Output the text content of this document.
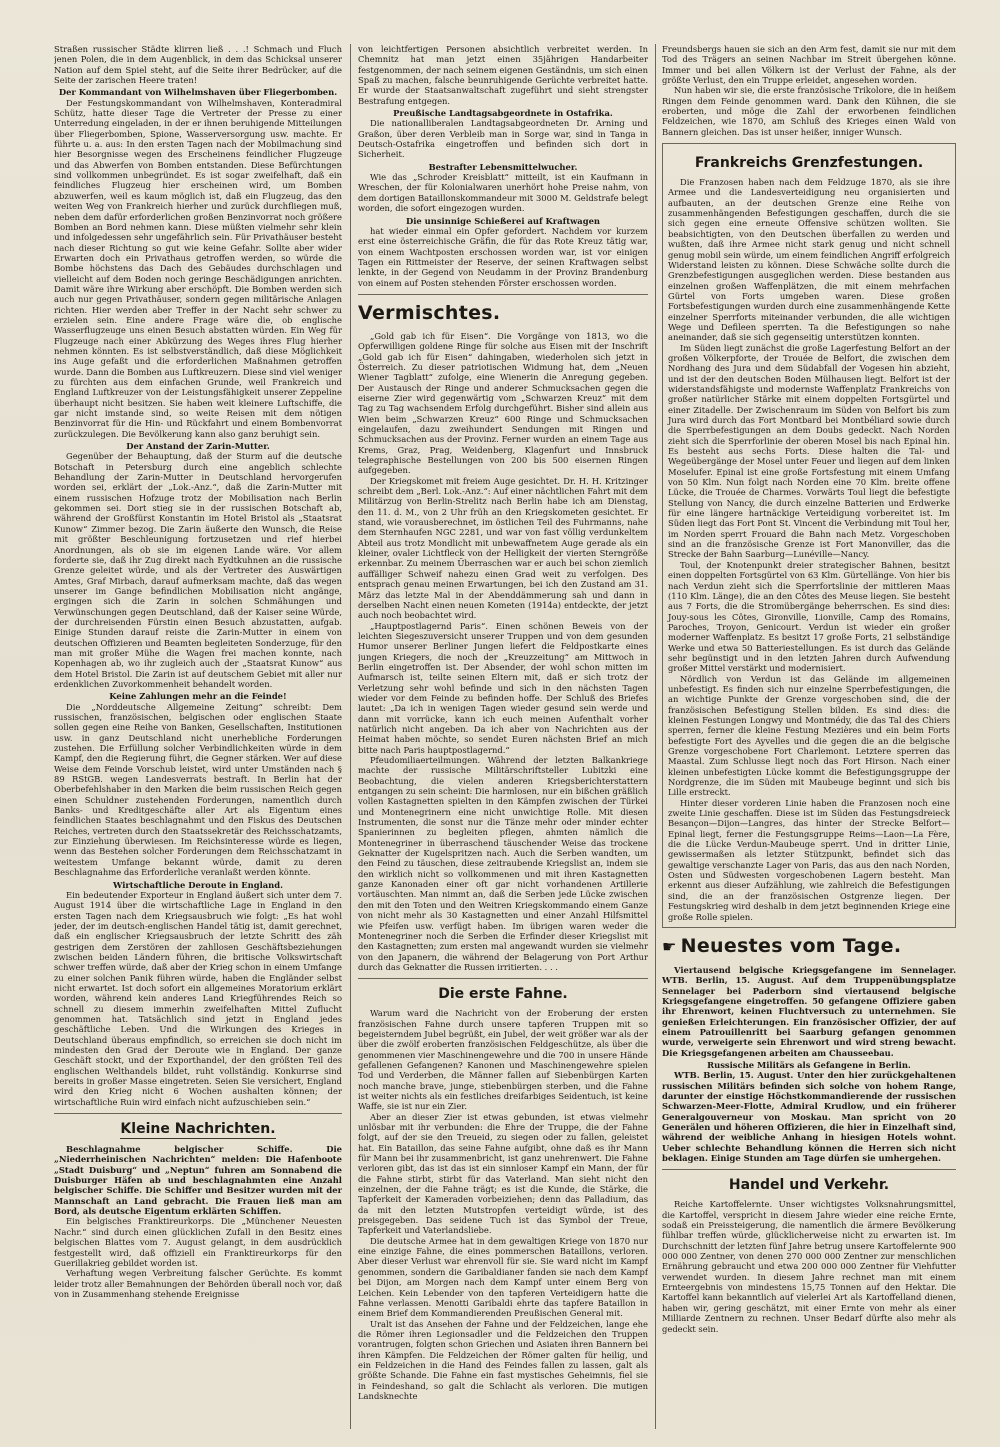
Straßen russischer Städte klirren ließ . . .! Schmach und Fluch jenen Polen, die in dem Augenblick, in dem das Schicksal unserer Nation auf dem Spiel steht, auf die Seite ihrer Bedrücker, auf die Seite der zarischen Heere traten!

Der Kommandant von Wilhelmshaven über Fliegerbomben.

Der Festungskommandant von Wilhelmshaven, Konteradmiral Schütz, hatte dieser Tage die Vertreter der Presse zu einer Unterredung eingeladen, in der er ihnen beruhigende Mitteilungen über Fliegerbomben, Spione, Wasserversorgung usw. machte. Er führte u. a. aus: In den ersten Tagen nach der Mobilmachung sind hier Besorgnisse wegen des Erscheinens feindlicher Flugzeuge und das Abwerfen von Bomben entstanden. Diese Befürchtungen sind vollkommen unbegründet. Es ist sogar zweifelhaft, daß ein feindliches Flugzeug hier erscheinen wird, um Bomben abzuwerfen, weil es kaum möglich ist, daß ein Flugzeug, das den weiten Weg von Frankreich hierher und zurück durchfliegen muß, neben dem dafür erforderlichen großen Benzinvorrat noch größere Bomben an Bord nehmen kann. Diese müßten vielmehr sehr klein und infolgedessen sehr ungefährlich sein. Für Privathäuser besteht nach dieser Richtung so gut wie keine Gefahr. Sollte aber wider Erwarten doch ein Privathaus getroffen werden, so würde die Bombe höchstens das Dach des Gebäudes durchschlagen und vielleicht auf dem Boden noch geringe Beschädigungen anrichten. Damit wäre ihre Wirkung aber erschöpft. Die Bomben werden sich auch nur gegen Privathäuser, sondern gegen militärische Anlagen richten. Hier werden aber Treffer in der Nacht sehr schwer zu erzielen sein. Eine andere Frage wäre die, ob englische Wasserflugzeuge uns einen Besuch abstatten würden. Ein Weg für Flugzeuge nach einer Abkürzung des Weges ihres Flug hierher nehmen könnten. Es ist selbstverständlich, daß diese Möglichkeit ins Auge gefaßt und die erforderlichen Maßnahmen getroffen wurde. Dann die Bomben aus Luftkreuzern. Diese sind viel weniger zu fürchten aus dem einfachen Grunde, weil Frankreich und England Luftkreuzer von der Leistungsfähigkeit unserer Zeppeline überhaupt nicht besitzen. Sie haben weit kleinere Luftschiffe, die gar nicht imstande sind, so weite Reisen mit dem nötigen Benzinvorrat für die Hin- und Rückfahrt und einem Bombenvorrat zurückzulegen. Die Bevölkerung kann also ganz beruhigt sein.

Der Anstand der Zarin-Mutter.

Gegenüber der Behauptung, daß der Sturm auf die deutsche Botschaft in Petersburg durch eine angeblich schlechte Behandlung der Zarin-Mutter in Deutschland hervorgerufen worden sei, erklärt der „Lok.-Anz.“, daß die Zarin-Mutter mit einem russischen Hofzuge trotz der Mobilisation nach Berlin gekommen sei. Dort stieg sie in der russischen Botschaft ab, während der Großfürst Konstantin im Hotel Bristol als „Staatsrat Kunow“ Zimmer bezog. Die Zarin äußerte den Wunsch, die Reise mit größter Beschleunigung fortzusetzen und rief hierbei Anordnungen, als ob sie im eigenen Lande wäre. Vor allem forderte sie, daß ihr Zug direkt nach Eydtkuhnen an die russische Grenze geleitet würde, und als der Vertreter des Auswärtigen Amtes, Graf Mirbach, darauf aufmerksam machte, daß das wegen unserer im Gange befindlichen Mobilisation nicht angänge, ergingen sich die Zarin in solchen Schmähungen und Verwünschungen gegen Deutschland, daß der Kaiser seine Würde, der durchreisenden Fürstin einen Besuch abzustatten, aufgab. Einige Stunden darauf reiste die Zarin-Mutter in einem von deutschen Offizieren und Beamten begleiteten Sonderzuge, für den man mit großer Mühe die Wagen frei machen konnte, nach Kopenhagen ab, wo ihr zugleich auch der „Staatsrat Kunow“ aus dem Hotel Bristol. Die Zarin ist auf deutschem Gebiet mit aller nur erdenklichen Zuvorkommenheit behandelt worden.

Keine Zahlungen mehr an die Feinde!

Die „Norddeutsche Allgemeine Zeitung“ schreibt: Dem russischen, französischen, belgischen oder englischen Staate sollen gegen eine Reihe von Banken, Gesellschaften, Institutionen usw. in ganz Deutschland nicht unerhebliche Forderungen zustehen. Die Erfüllung solcher Verbindlichkeiten würde in dem Kampf, den die Regierung führt, die Gegner stärken. Wer auf diese Weise dem Feinde Vorschub leistet, wird unter Umständen nach § 89 RStGB. wegen Landesverrats bestraft. In Berlin hat der Oberbefehlshaber in den Marken die beim russischen Reich gegen einen Schuldner zustehenden Forderungen, namentlich durch Banks- und Kreditgeschäfte aller Art als Eigentum eines feindlichen Staates beschlagnahmt und den Fiskus des Deutschen Reiches, vertreten durch den Staatssekretär des Reichsschatzamts, zur Einziehung überwiesen. Im Reichsinteresse würde es liegen, wenn das Bestehen solcher Forderungen dem Reichsschatzamt in weitestem Umfange bekannt würde, damit zu deren Beschlagnahme das Erforderliche veranlaßt werden könnte.

Wirtschaftliche Deroute in England.

Ein bedeutender Exporteur in England äußert sich unter dem 7. August 1914 über die wirtschaftliche Lage in England in den ersten Tagen nach dem Kriegsausbruch wie folgt: „Es hat wohl jeder, der im deutsch-englischen Handel tätig ist, damit gerechnet, daß ein englischer Kriegsausbruch der letzte Schritt des zäh gestrigen dem Zerstören der zahllosen Geschäftsbeziehungen zwischen beiden Ländern führen, die britische Volkswirtschaft schwer treffen würde, daß aber der Krieg schon in einem Umfange zu einer solchen Panik führen würde, haben die Engländer selbst nicht erwartet. Ist doch sofort ein allgemeines Moratorium erklärt worden, während kein anderes Land Kriegführendes Reich so schnell zu diesem immerhin zweifelhaften Mittel Zuflucht genommen hat. Tatsächlich sind jetzt in England jedes geschäftliche Leben. Und die Wirkungen des Krieges in Deutschland überaus empfindlich, so erreichen sie doch nicht im mindesten den Grad der Deroute wie in England. Der ganze Geschäft stockt, und der Exporthandel, der den größten Teil des englischen Welthandels bildet, ruht vollständig. Konkurrse sind bereits in großer Masse eingetreten. Seien Sie versichert, England wird den Krieg nicht 6 Wochen aushalten können; der wirtschaftliche Ruin wird einfach nicht aufzuschieben sein.“

Kleine Nachrichten.

Beschlagnahme belgischer Schiffe. Die „Niederrheinischen Nachrichten“ melden: Die Hafenboote „Stadt Duisburg“ und „Neptun“ fuhren am Sonnabend die Duisburger Häfen ab und beschlagnahmten eine Anzahl belgischer Schiffe. Die Schiffer und Besitzer wurden mit der Mannschaft an Land gebracht. Die Frauen ließ man am Bord, als deutsche Eigentum erklärten Schiffen.

Ein belgisches Franktireurkorps. Die „Münchener Neuesten Nachr.“ sind durch einen glücklichen Zufall in den Besitz eines belgischen Blattes vom 7. August gelangt, in dem ausdrücklich festgestellt wird, daß offiziell ein Franktireurkorps für den Guerillakrieg gebildet worden ist.

Verhaftung wegen Verbreitung falscher Gerüchte. Es kommt leider trotz aller Bemahnungen der Behörden überall noch vor, daß von in Zusammenhang stehende Ereignisse

von leichtfertigen Personen absichtlich verbreitet werden. In Chemnitz hat man jetzt einen 35jährigen Handarbeiter festgenommen, der nach seinem eigenen Geständnis, um sich einen Spaß zu machen, falsche beunruhigende Gerüchte verbreitet hatte. Er wurde der Staatsanwaltschaft zugeführt und sieht strengster Bestrafung entgegen.

Preußische Landtagsabgeordnete in Ostafrika.

Die nationalliberalen Landtagsabgeordneten Dr. Arning und Graßon, über deren Verbleib man in Sorge war, sind in Tanga in Deutsch-Ostafrika eingetroffen und befinden sich dort in Sicherheit.

Bestrafter Lebensmittelwucher.

Wie das „Schroder Kreisblatt“ mitteilt, ist ein Kaufmann in Wreschen, der für Kolonialwaren unerhört hohe Preise nahm, von dem dortigen Bataillonskommandeur mit 3000 M. Geldstrafe belegt worden, die sofort eingezogen wurden.

Die unsinnige Schießerei auf Kraftwagen

hat wieder einmal ein Opfer gefordert. Nachdem vor kurzem erst eine österreichische Gräfin, die für das Rote Kreuz tätig war, von einem Wachtposten erschossen worden war, ist vor einigen Tagen ein Rittmeister der Reserve, der seinen Kraftwagen selbst lenkte, in der Gegend von Neudamm in der Provinz Brandenburg von einem auf Posten stehenden Förster erschossen worden.

Vermischtes.

„Gold gab ich für Eisen“. Die Vorgänge von 1813, wo die Opferwilligen goldene Ringe für solche aus Eisen mit der Inschrift „Gold gab ich für Eisen“ dahingaben, wiederholen sich jetzt in Österreich. Zu dieser patriotischen Widmung hat, dem „Neuen Wiener Tagblatt“ zufolge, eine Wienerin die Anregung gegeben. Der Austausch der Ringe und anderer Schmucksachen gegen die eiserne Zier wird gegenwärtig vom „Schwarzen Kreuz“ mit dem Tag zu Tag wachsendem Erfolg durchgeführt. Bisher sind allein aus Wien beim „Schwarzen Kreuz“ 600 Ringe und Schmucksachen eingelaufen, dazu zweihundert Sendungen mit Ringen und Schmucksachen aus der Provinz. Ferner wurden an einem Tage aus Krems, Graz, Prag, Weidenberg, Klagenfurt und Innsbruck telegraphische Bestellungen von 200 bis 500 eisernen Ringen aufgegeben.

Der Kriegskomet mit freiem Auge gesichtet. Dr. H. H. Kritzinger schreibt dem „Berl. Lok.-Anz.“: Auf einer nächtlichen Fahrt mit dem Militärzug von Berlin-Strelitz nach Berlin habe ich am Dienstag, den 11. d. M., von 2 Uhr früh an den Kriegskometen gesichtet. Er stand, wie vorausberechnet, im östlichen Teil des Fuhrmanns, nahe dem Sternhaufen NGC 2281, und war von fast völlig verdunkeltem Abteil aus trotz Mondlicht mit unbewaffnetem Auge gerade als ein kleiner, ovaler Lichtfleck von der Helligkeit der vierten Sterngröße erkennbar. Zu meinem Überraschen war er auch bei schon ziemlich auffälliger Schweif nahezu einen Grad weit zu verfolgen. Des entsprach genau meinen Erwartungen, bei ich den Zustand am 31. März das letzte Mal in der Abenddämmerung sah und dann in derselben Nacht einen neuen Kometen (1914a) entdeckte, der jetzt auch noch beobachtet wird.

„Hauptpostlagernd Paris“. Einen schönen Beweis von der leichten Siegeszuversicht unserer Truppen und von dem gesunden Humor unserer Berliner Jungen liefert die Feldpostkarte eines jungen Kriegers, die noch der „Kreuzzeitung“ am Mittwoch in Berlin eingetroffen ist. Der Absender, der wohl schon mitten im Aufmarsch ist, teilte seinen Eltern mit, daß er sich trotz der Verletzung sehr wohl befinde und sich in den nächsten Tagen wieder vor dem Feinde zu befinden hoffe. Der Schluß des Briefes lautet: „Da ich in wenigen Tagen wieder gesund sein werde und dann mit vorrücke, kann ich euch meinen Aufenthalt vorher natürlich nicht angeben. Da ich aber von Nachrichten aus der Heimat haben möchte, so sendet Euren nächsten Brief an mich bitte nach Paris hauptpostlagernd.“

Pfeudomiliaerteilmungen. Während der letzten Balkankriege machte der russische Militärschriftsteller Lubitzki eine Beobachtung, die vielen anderen Kriegsberichterstattern entgangen zu sein scheint: Die harmlosen, nur ein bißchen gräßlich vollen Kastagnetten spielten in den Kämpfen zwischen der Türkei und Montenegrinern eine nicht unwichtige Rolle. Mit diesen Instrumenten, die sonst nur die Tänze mehr oder minder echter Spanierinnen zu begleiten pflegen, ahmten nämlich die Montenegriner in überraschend täuschender Weise das trockene Geknatter der Kugelspritzen nach. Auch die Serben wandten, um den Feind zu täuschen, diese zeitraubende Kriegslist an, indem sie den wirklich nicht so vollkommenen und mit ihren Kastagnetten ganze Kanonaden einer oft gar nicht vorhandenen Artillerie vortäuschten. Man nimmt an, daß die Serben jede Lücke zwischen den mit den Toten und den Weitren Kriegskommando einem Ganze von nicht mehr als 30 Kastagnetten und einer Anzahl Hilfsmittel wie Pfeifen usw. verfügt haben. Im übrigen waren weder die Montenegriner noch die Serben die Erfinder dieser Kriegslist mit den Kastagnetten; zum ersten mal angewandt wurden sie vielmehr von den Japanern, die während der Belagerung von Port Arthur durch das Geknatter die Russen irritierten. . . .

Die erste Fahne.

Warum ward die Nachricht von der Eroberung der ersten französischen Fahne durch unsere tapferen Truppen mit so begeisterndem Jubel begrüßt, ein Jubel, der weit größer war als der über die zwölf eroberten französischen Feldgeschütze, als über die genommenen vier Maschinengewehre und die 700 in unsere Hände gefallenen Gefangenen? Kanonen und Maschinengewehre spielen Tod und Verderben, die Männer fallen auf Siebenbürgen Karten noch manche brave, junge, stiebenbürgen sterben, und die Fahne ist weiter nichts als ein festliches dreifarbiges Seidentuch, ist keine Waffe, sie ist nur ein Zier.

Aber an dieser Zier ist etwas gebunden, ist etwas vielmehr unlösbar mit ihr verbunden: die Ehre der Truppe, die der Fahne folgt, auf der sie den Treueid, zu siegen oder zu fallen, geleistet hat. Ein Bataillon, das seine Fahne aufgibt, ohne daß es ihr Mann für Mann bei ihr zusammenbricht, ist ganz unehrenwert. Die Fahne verloren gibt, das ist das ist ein sinnloser Kampf ein Mann, der für die Fahne stirbt, stirbt für das Vaterland. Man sieht nicht den einzelnen, der die Fahne trägt; es ist die Kunde, die Stärke, die Tapferkeit der Kameraden vorbeiziehen; denn das Palladium, das da mit den letzten Mutstropfen verteidigt würde, ist des preisgegeben. Das seidene Tuch ist das Symbol der Treue, Tapferkeit und Vaterlandsliebe.

Die deutsche Armee hat in dem gewaltigen Kriege von 1870 nur eine einzige Fahne, die eines pommerschen Bataillons, verloren. Aber dieser Verlust war ehrenvoll für sie. Sie ward nicht im Kampf genommen, sondern die Garibaldianer fanden sie nach dem Kampf bei Dijon, am Morgen nach dem Kampf unter einem Berg von Leichen. Kein Lebender von den tapferen Verteidigern hatte die Fahne verlassen. Menotti Garibaldi ehrte das tapfere Bataillon in einem Brief dem Kommandierenden Preußischen General mit.

Uralt ist das Ansehen der Fahne und der Feldzeichen, lange ehe die Römer ihren Legionsadler und die Feldzeichen den Truppen vorantrugen, folgten schon Griechen und Asiaten ihren Bannern bei ihren Kämpfen. Die Feldzeichen der Römer galten für heilig, und ein Feldzeichen in die Hand des Feindes fallen zu lassen, galt als größte Schande. Die Fahne ein fast mystisches Geheimnis, fiel sie in Feindeshand, so galt die Schlacht als verloren. Die mutigen Landsknechte

Freundsbergs hauen sie sich an den Arm fest, damit sie nur mit dem Tod des Trägers an seinen Nachbar im Streit übergehen könne. Immer und bei allen Völkern ist der Verlust der Fahne, als der größte Verlust, den ein Truppe erleidet, angesehen worden.

Nun haben wir sie, die erste französische Trikolore, die in heißem Ringen dem Feinde genommen ward. Dank den Kühnen, die sie eroberten, und möge die Zahl der erworbenen feindlichen Feldzeichen, wie 1870, am Schluß des Krieges einen Wald von Bannern gleichen. Das ist unser heißer, inniger Wunsch.

Frankreichs Grenzfestungen.

Die Franzosen haben nach dem Feldzuge 1870, als sie ihre Armee und die Landesverteidigung neu organisierten und aufbauten, an der deutschen Grenze eine Reihe von zusammenhängenden Befestigungen geschaffen, durch die sie sich gegen eine erneute Offensive schützen wollten. Sie beabsichtigten, von den Deutschen überfallen zu werden und wußten, daß ihre Armee nicht stark genug und nicht schnell genug mobil sein würde, um einem feindlichen Angriff erfolgreich Widerstand leisten zu können. Diese Schwäche sollte durch die Grenzbefestigungen ausgeglichen werden. Diese bestanden aus einzelnen großen Waffenplätzen, die mit einem mehrfachen Gürtel von Forts umgeben waren. Diese großen Fortsbefestigungen wurden durch eine zusammenhängende Kette einzelner Sperrforts miteinander verbunden, die alle wichtigen Wege und Defileen sperrten. Ta die Befestigungen so nahe aneinander, daß sie sich gegenseitig unterstützen konnten.

Im Süden liegt zunächst die große Lagerfestung Belfort an der großen Völkerpforte, der Trouée de Belfort, die zwischen dem Nordhang des Jura und dem Südabfall der Vogesen hin abzieht, und ist der den deutschen Boden Mülhausen liegt. Belfort ist der widerstandsfähigste und modernste Waffenplatz Frankreichs von großer natürlicher Stärke mit einem doppelten Fortsgürtel und einer Zitadelle. Der Zwischenraum im Süden von Belfort bis zum Jura wird durch das Fort Montbard bei Montbéliard sowie durch die Sperrbefestigungen an dem Doubs gedeckt. Nach Norden zieht sich die Sperrforlinie der oberen Mosel bis nach Epinal hin. Es besteht aus sechs Forts. Diese halten die Tal- und Wegeübergänge der Mosel unter Feuer und liegen auf dem linken Moselufer. Epinal ist eine große Fortsfestung mit einem Umfang von 50 Klm. Nun folgt nach Norden eine 70 Klm. breite offene Lücke, die Trouée de Charmes. Vorwärts Toul liegt die befestigte Stellung von Nancy, die durch einzelne Batterien und Erdwerke für eine längere hartnäckige Verteidigung vorbereitet ist. Im Süden liegt das Fort Pont St. Vincent die Verbindung mit Toul her, im Norden sperrt Frouard die Bahn nach Metz. Vorgeschoben sind an die französische Grenze ist Fort Manonviller, das die Strecke der Bahn Saarburg—Lunéville—Nancy.

Toul, der Knotenpunkt dreier strategischer Bahnen, besitzt einen doppelten Fortsgürtel von 63 Klm. Gürtellänge. Von hier bis nach Verdun zieht sich die Sperrfortslinie der mittleren Maas (110 Klm. Länge), die an den Côtes des Meuse liegen. Sie besteht aus 7 Forts, die die Stromübergänge beherrschen. Es sind dies: Jouy-sous les Côtes, Gironville, Lionville, Camp des Romains, Paroches, Troyon, Genicourt. Verdun ist wieder ein großer moderner Waffenplatz. Es besitzt 17 große Forts, 21 selbständige Werke und etwa 50 Batteriestellungen. Es ist durch das Gelände sehr begünstigt und in den letzten Jahren durch Aufwendung großer Mittel verstärkt und modernisiert.

Nördlich von Verdun ist das Gelände im allgemeinen unbefestigt. Es finden sich nur einzelne Sperrbefestigungen, die an wichtige Punkte der Grenze vorgeschoben sind, die der französischen Befestigung Stellen bilden. Es sind dies: die kleinen Festungen Longwy und Montmédy, die das Tal des Chiers sperren, ferner die kleine Festung Mezières und ein beim Forts befestigte Fort des Ayvelles und die gegen die an die belgische Grenze vorgeschobene Fort Charlemont. Letztere sperren das Maastal. Zum Schlusse liegt noch das Fort Hirson. Nach einer kleinen unbefestigten Lücke kommt die Befestigungsgruppe der Nordgrenze, die im Süden mit Maubeuge beginnt und sich bis Lille erstreckt.

Hinter dieser vorderen Linie haben die Franzosen noch eine zweite Linie geschaffen. Diese ist im Süden das Festungsdreieck Besançon—Dijon—Langres, das hinter der Strecke Belfort—Epinal liegt, ferner die Festungsgruppe Reims—Laon—La Fère, die die Lücke Verdun-Maubeuge sperrt. Und in dritter Linie, gewissermaßen als letzter Stützpunkt, befindet sich das gewaltige verschanzte Lager von Paris, das aus den nach Norden, Osten und Südwesten vorgeschobenen Lagern besteht. Man erkennt aus dieser Aufzählung, wie zahlreich die Befestigungen sind, die an der französischen Ostgrenze liegen. Der Festungskrieg wird deshalb in dem jetzt beginnenden Kriege eine große Rolle spielen.

☛ Neuestes vom Tage.

Viertausend belgische Kriegsgefangene im Sennelager. WTB. Berlin, 15. August. Auf dem Truppenübungsplatze Sennelager bei Paderborn sind viertausend belgische Kriegsgefangene eingetroffen. 50 gefangene Offiziere gaben ihr Ehrenwort, keinen Fluchtversuch zu unternehmen. Sie genießen Erleichterungen. Ein französischer Offizier, der auf einem Patrouillenritt bei Saarburg gefangen genommen wurde, verweigerte sein Ehrenwort und wird streng bewacht. Die Kriegsgefangenen arbeiten am Chausseebau.

Russische Militärs als Gefangene in Berlin.

WTB. Berlin, 15. August. Unter den hier zurückgehaltenen russischen Militärs befinden sich solche von hohem Range, darunter der einstige Höchstkommandierende der russischen Schwarzen-Meer-Flotte, Admiral Krudlow, und ein früherer Generalgouverneur von Moskau. Man spricht von 20 Generälen und höheren Offizieren, die hier in Einzelhaft sind, während der weibliche Anhang in hiesigen Hotels wohnt. Ueber schlechte Behandlung können die Herren sich nicht beklagen. Einige Stunden am Tage dürfen sie umhergehen.

Handel und Verkehr.

Reiche Kartoffelernte. Unser wichtigstes Volksnahrungsmittel, die Kartoffel, verspricht in diesem Jahre wieder eine reiche Ernte, sodaß ein Preissteigerung, die namentlich die ärmere Bevölkerung fühlbar treffen würde, glücklicherweise nicht zu erwarten ist. Im Durchschnitt der letzten fünf Jahre betrug unsere Kartoffelernte 900 000 000 Zentner, von denen 270 000 000 Zentner zur menschlichen Ernährung gebraucht und etwa 200 000 000 Zentner für Viehfutter verwendet wurden. In diesem Jahre rechnet man mit einem Ernteergebnis von mindestens 15,75 Tonnen auf den Hektar. Die Kartoffel kann bekanntlich auf vielerlei Art als Kartoffelland dienen, haben wir, gering geschätzt, mit einer Ernte von mehr als einer Milliarde Zentnern zu rechnen. Unser Bedarf dürfte also mehr als gedeckt sein.
